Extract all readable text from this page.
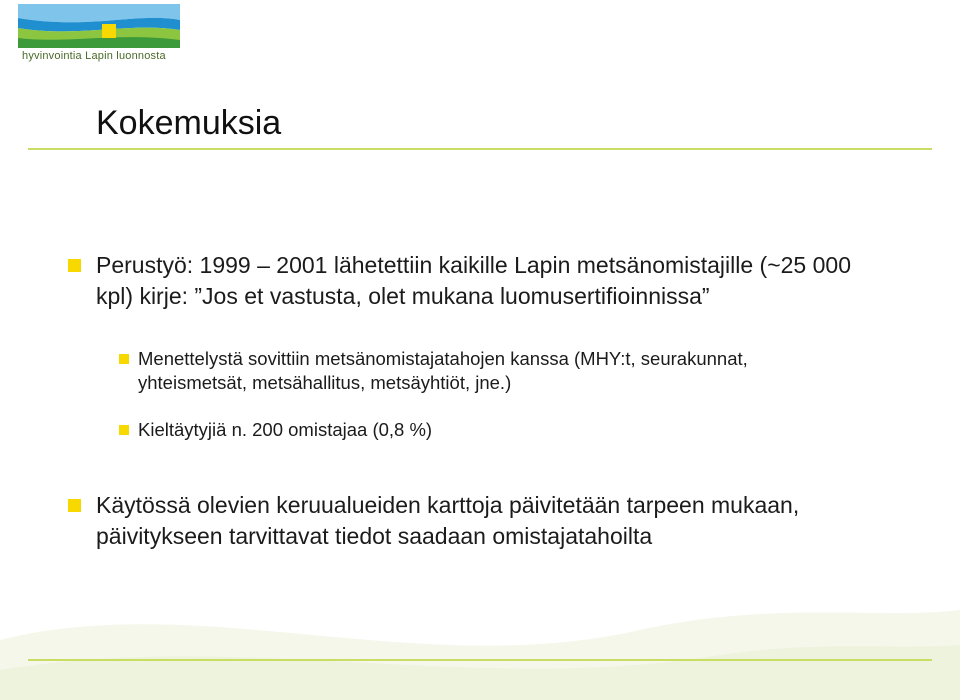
hyvinvointia Lapin luonnosta
Kokemuksia
Perustyö: 1999 – 2001 lähetettiin kaikille Lapin metsänomistajille (~25 000 kpl) kirje: ”Jos et vastusta, olet mukana luomusertifioinnissa”
Menettelystä sovittiin metsänomistajatahojen kanssa (MHY:t, seurakunnat, yhteismetsät, metsähallitus, metsäyhtiöt, jne.)
Kieltäytyjiä n. 200 omistajaa (0,8 %)
Käytössä olevien keruualueiden karttoja päivitetään tarpeen mukaan, päivitykseen tarvittavat tiedot saadaan omistajatahoilta
